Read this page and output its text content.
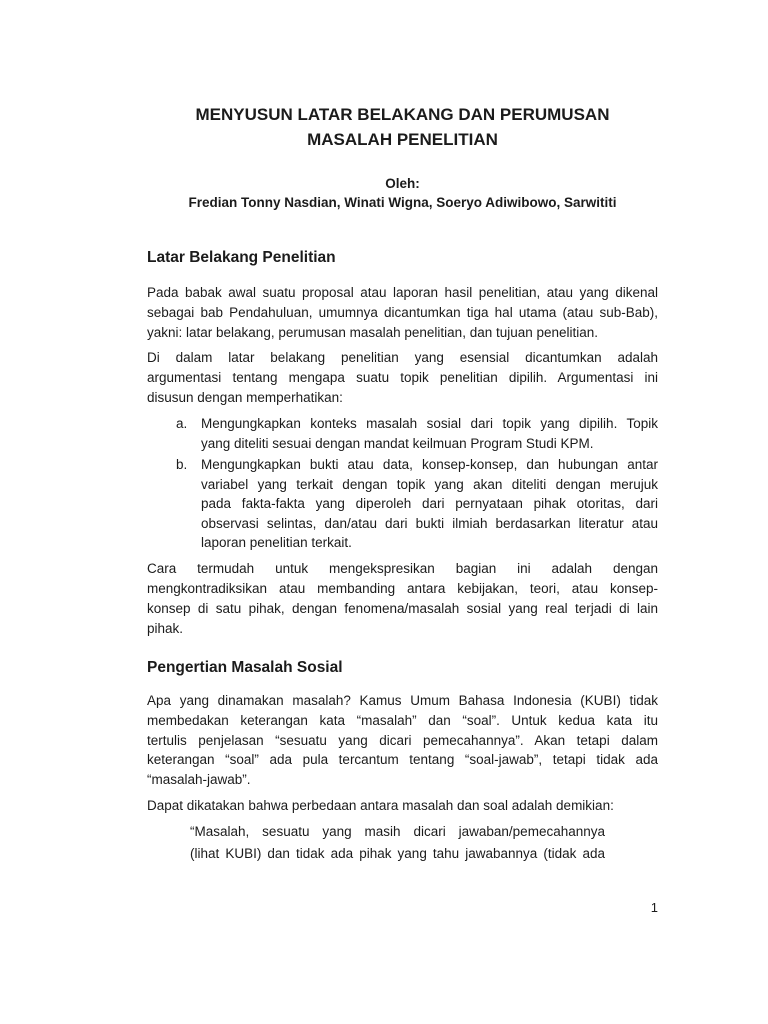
MENYUSUN LATAR BELAKANG DAN PERUMUSAN
MASALAH PENELITIAN
Oleh:
Fredian Tonny Nasdian, Winati Wigna, Soeryo Adiwibowo, Sarwititi
Latar Belakang Penelitian
Pada babak awal suatu proposal atau laporan hasil penelitian, atau yang dikenal
sebagai bab Pendahuluan, umumnya dicantumkan tiga hal utama (atau sub-Bab),
yakni: latar belakang, perumusan masalah penelitian, dan tujuan penelitian.
Di dalam latar belakang penelitian yang esensial dicantumkan adalah
argumentasi tentang mengapa suatu topik penelitian dipilih. Argumentasi ini
disusun dengan memperhatikan:
a. Mengungkapkan konteks masalah sosial dari topik yang dipilih. Topik
yang diteliti sesuai dengan mandat keilmuan Program Studi KPM.
b. Mengungkapkan bukti atau data, konsep-konsep, dan hubungan antar
variabel yang terkait dengan topik yang akan diteliti dengan merujuk
pada fakta-fakta yang diperoleh dari pernyataan pihak otoritas, dari
observasi selintas, dan/atau dari bukti ilmiah berdasarkan literatur atau
laporan penelitian terkait.
Cara termudah untuk mengekspresikan bagian ini adalah dengan
mengkontradiksikan atau membanding antara kebijakan, teori, atau konsep-
konsep di satu pihak, dengan fenomena/masalah sosial yang real terjadi di lain
pihak.
Pengertian Masalah Sosial
Apa yang dinamakan masalah? Kamus Umum Bahasa Indonesia (KUBI) tidak
membedakan keterangan kata “masalah” dan “soal”. Untuk kedua kata itu
tertulis penjelasan “sesuatu yang dicari pemecahannya”. Akan tetapi dalam
keterangan “soal” ada pula tercantum tentang “soal-jawab”, tetapi tidak ada
“masalah-jawab”.
Dapat dikatakan bahwa perbedaan antara masalah dan soal adalah demikian:
“Masalah, sesuatu yang masih dicari jawaban/pemecahannya
(lihat KUBI) dan tidak ada pihak yang tahu jawabannya (tidak ada
1
